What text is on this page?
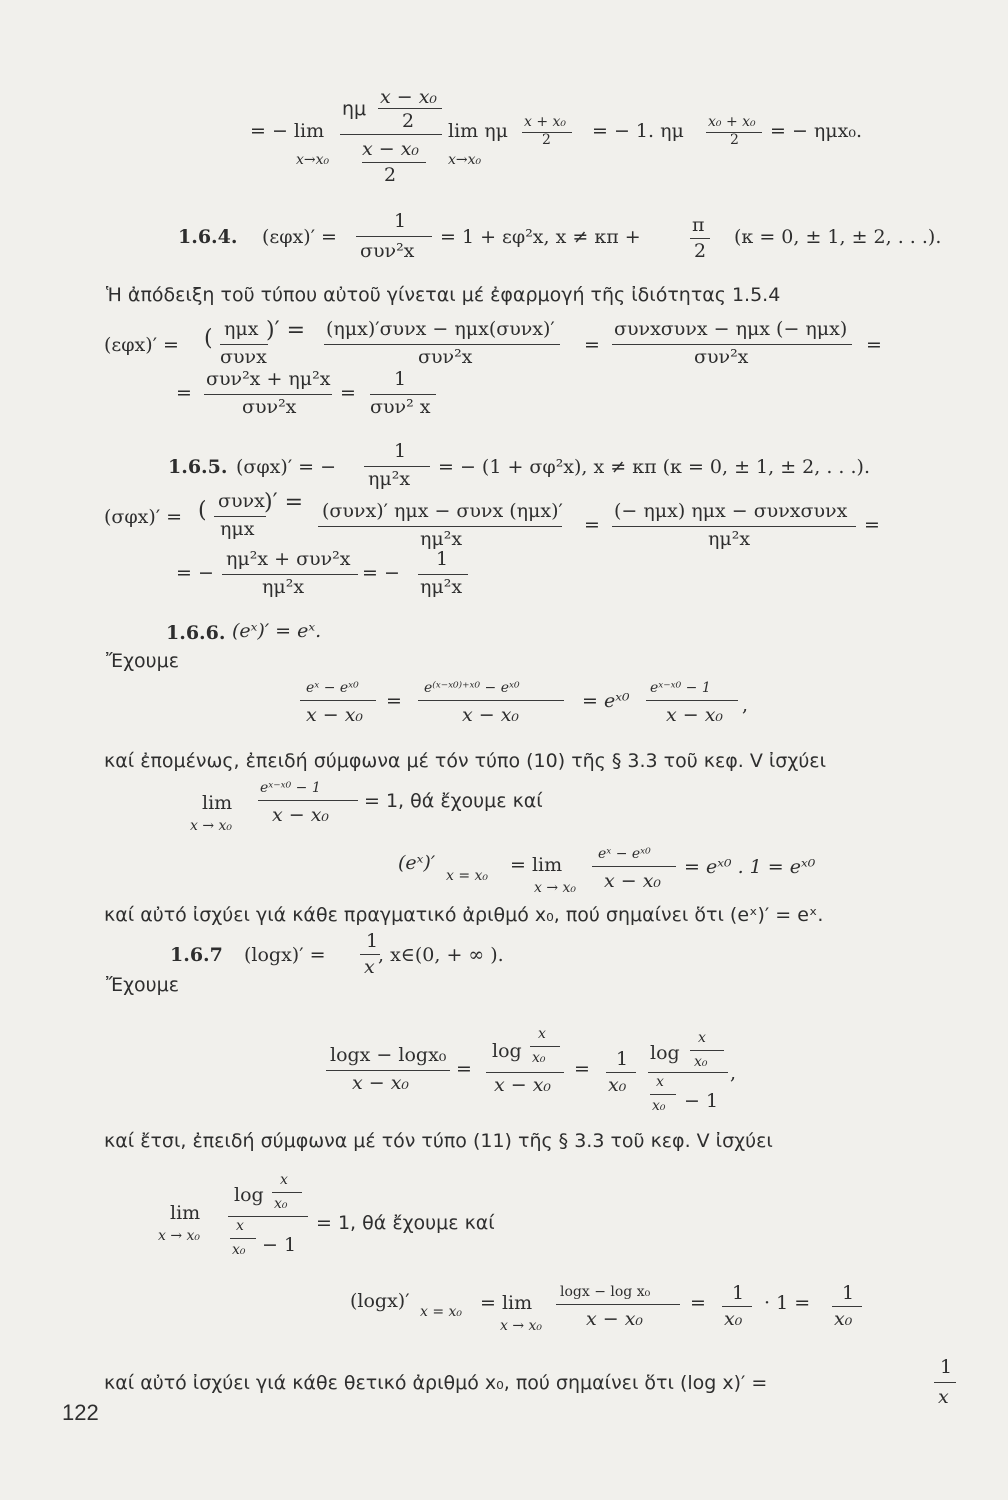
= − lim
x→x₀
ημ
x − x₀
2
x − x₀
2
lim ημ
x→x₀
x + x₀
2 = − 1. ημ x₀ + x₀
2 = − ημx₀.
1.6.4. (εφx)′ =
1
συν²x
= 1 + εφ²x, x ≠ κπ +
π
2
(κ = 0, ± 1, ± 2, . . .).
Ἡ ἀπόδειξη τοῦ τύπου αὐτοῦ γίνεται μέ ἐφαρμογή τῆς ἰδιότητας 1.5.4
(εφx)′ = ( ημx
συνx
)′ = (ημx)′συνx − ημx(συνx)′
συν²x
=
συνxσυνx − ημx (− ημx)
συν²x
=
=
συν²x + ημ²x
συν²x
=
1
συν² x
1.6.5. (σφx)′ = −
1
ημ²x
= − (1 + σφ²x), x ≠ κπ (κ = 0, ± 1, ± 2, . . .).
(σφx)′ = ( συνx
ημx
)′ = (συνx)′ ημx − συνx (ημx)′
ημ²x
=
(− ημx) ημx − συνxσυνx
ημ²x
=
= −
ημ²x + συν²x
ημ²x
= −
1
ημ²x
1.6.6. (eˣ)′ = eˣ.
Ἔχουμε
eˣ − eˣ⁰
x − x₀
=
e⁽ˣ⁻ˣ⁰⁾⁺ˣ⁰ − eˣ⁰
x − x₀
= eˣ⁰
eˣ⁻ˣ⁰ − 1
x − x₀ ,
καί ἐπομένως, ἐπειδή σύμφωνα μέ τόν τύπο (10) τῆς § 3.3 τοῦ κεφ. V ἰσχύει
lim
x → x₀
eˣ⁻ˣ⁰ − 1
x − x₀
= 1, θά ἔχουμε καί
(eˣ)′
x = x₀ = lim
x → x₀
eˣ − eˣ⁰
x − x₀
= eˣ⁰ . 1 = eˣ⁰
καί αὐτό ἰσχύει γιά κάθε πραγματικό ἀριθμό x₀, πού σημαίνει ὅτι (eˣ)′ = eˣ.
1.6.7 (logx)′ =
1
x
, x∈(0, + ∞ ).
Ἔχουμε
logx − logx₀
x − x₀
=
log
x
x₀
x − x₀
= 1
x₀
log
x
x₀
x
x₀ − 1
,
καί ἔτσι, ἐπειδή σύμφωνα μέ τόν τύπο (11) τῆς § 3.3 τοῦ κεφ. V ἰσχύει
lim
x → x₀
log
x
x₀
x
x₀ − 1
= 1, θά ἔχουμε καί
(logx)′ x = x₀ = lim
x → x₀
logx − log x₀
x − x₀
= 1
x₀
· 1 = 1
x₀
καί αὐτό ἰσχύει γιά κάθε θετικό ἀριθμό x₀, πού σημαίνει ὅτι (log x)′ =
1
x
122
